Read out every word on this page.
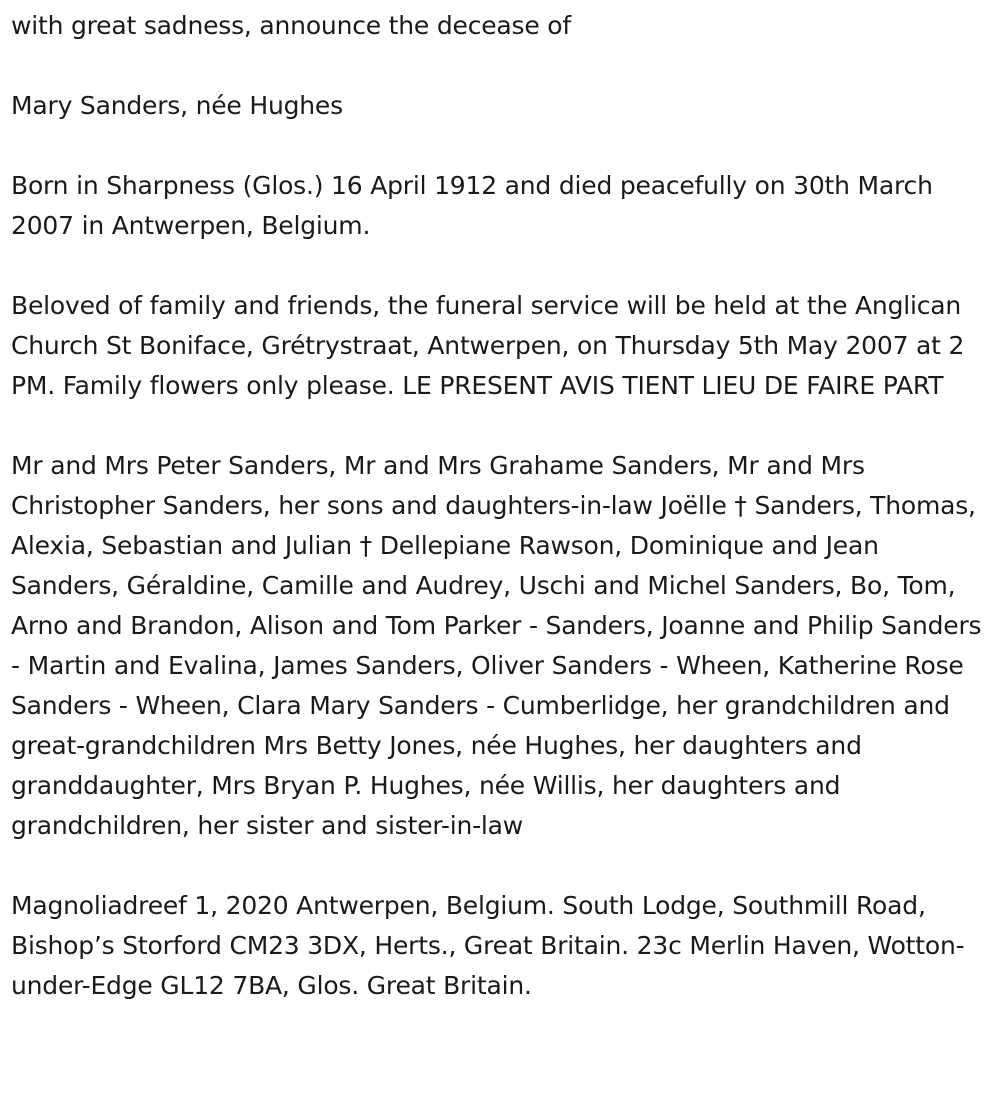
with great sadness, announce the decease of

Mary Sanders, née Hughes

Born in Sharpness (Glos.) 16 April 1912 and died peacefully on 30th March 2007 in Antwerpen, Belgium.

Beloved of family and friends, the funeral service will be held at the Anglican Church St Boniface, Grétrystraat, Antwerpen, on Thursday 5th May 2007 at 2 PM. Family flowers only please. LE PRESENT AVIS TIENT LIEU DE FAIRE PART

Mr and Mrs Peter Sanders, Mr and Mrs Grahame Sanders, Mr and Mrs Christopher Sanders, her sons and daughters-in-law Joëlle † Sanders, Thomas, Alexia, Sebastian and Julian † Dellepiane Rawson, Dominique and Jean Sanders, Géraldine, Camille and Audrey, Uschi and Michel Sanders, Bo, Tom, Arno and Brandon, Alison and Tom Parker - Sanders, Joanne and Philip Sanders - Martin and Evalina, James Sanders, Oliver Sanders - Wheen, Katherine Rose Sanders - Wheen, Clara Mary Sanders - Cumberlidge, her grandchildren and great-grandchildren Mrs Betty Jones, née Hughes, her daughters and granddaughter, Mrs Bryan P. Hughes, née Willis, her daughters and grandchildren, her sister and sister-in-law

Magnoliadreef 1, 2020 Antwerpen, Belgium. South Lodge, Southmill Road, Bishop’s Storford CM23 3DX, Herts., Great Britain. 23c Merlin Haven, Wotton-under-Edge GL12 7BA, Glos. Great Britain.
